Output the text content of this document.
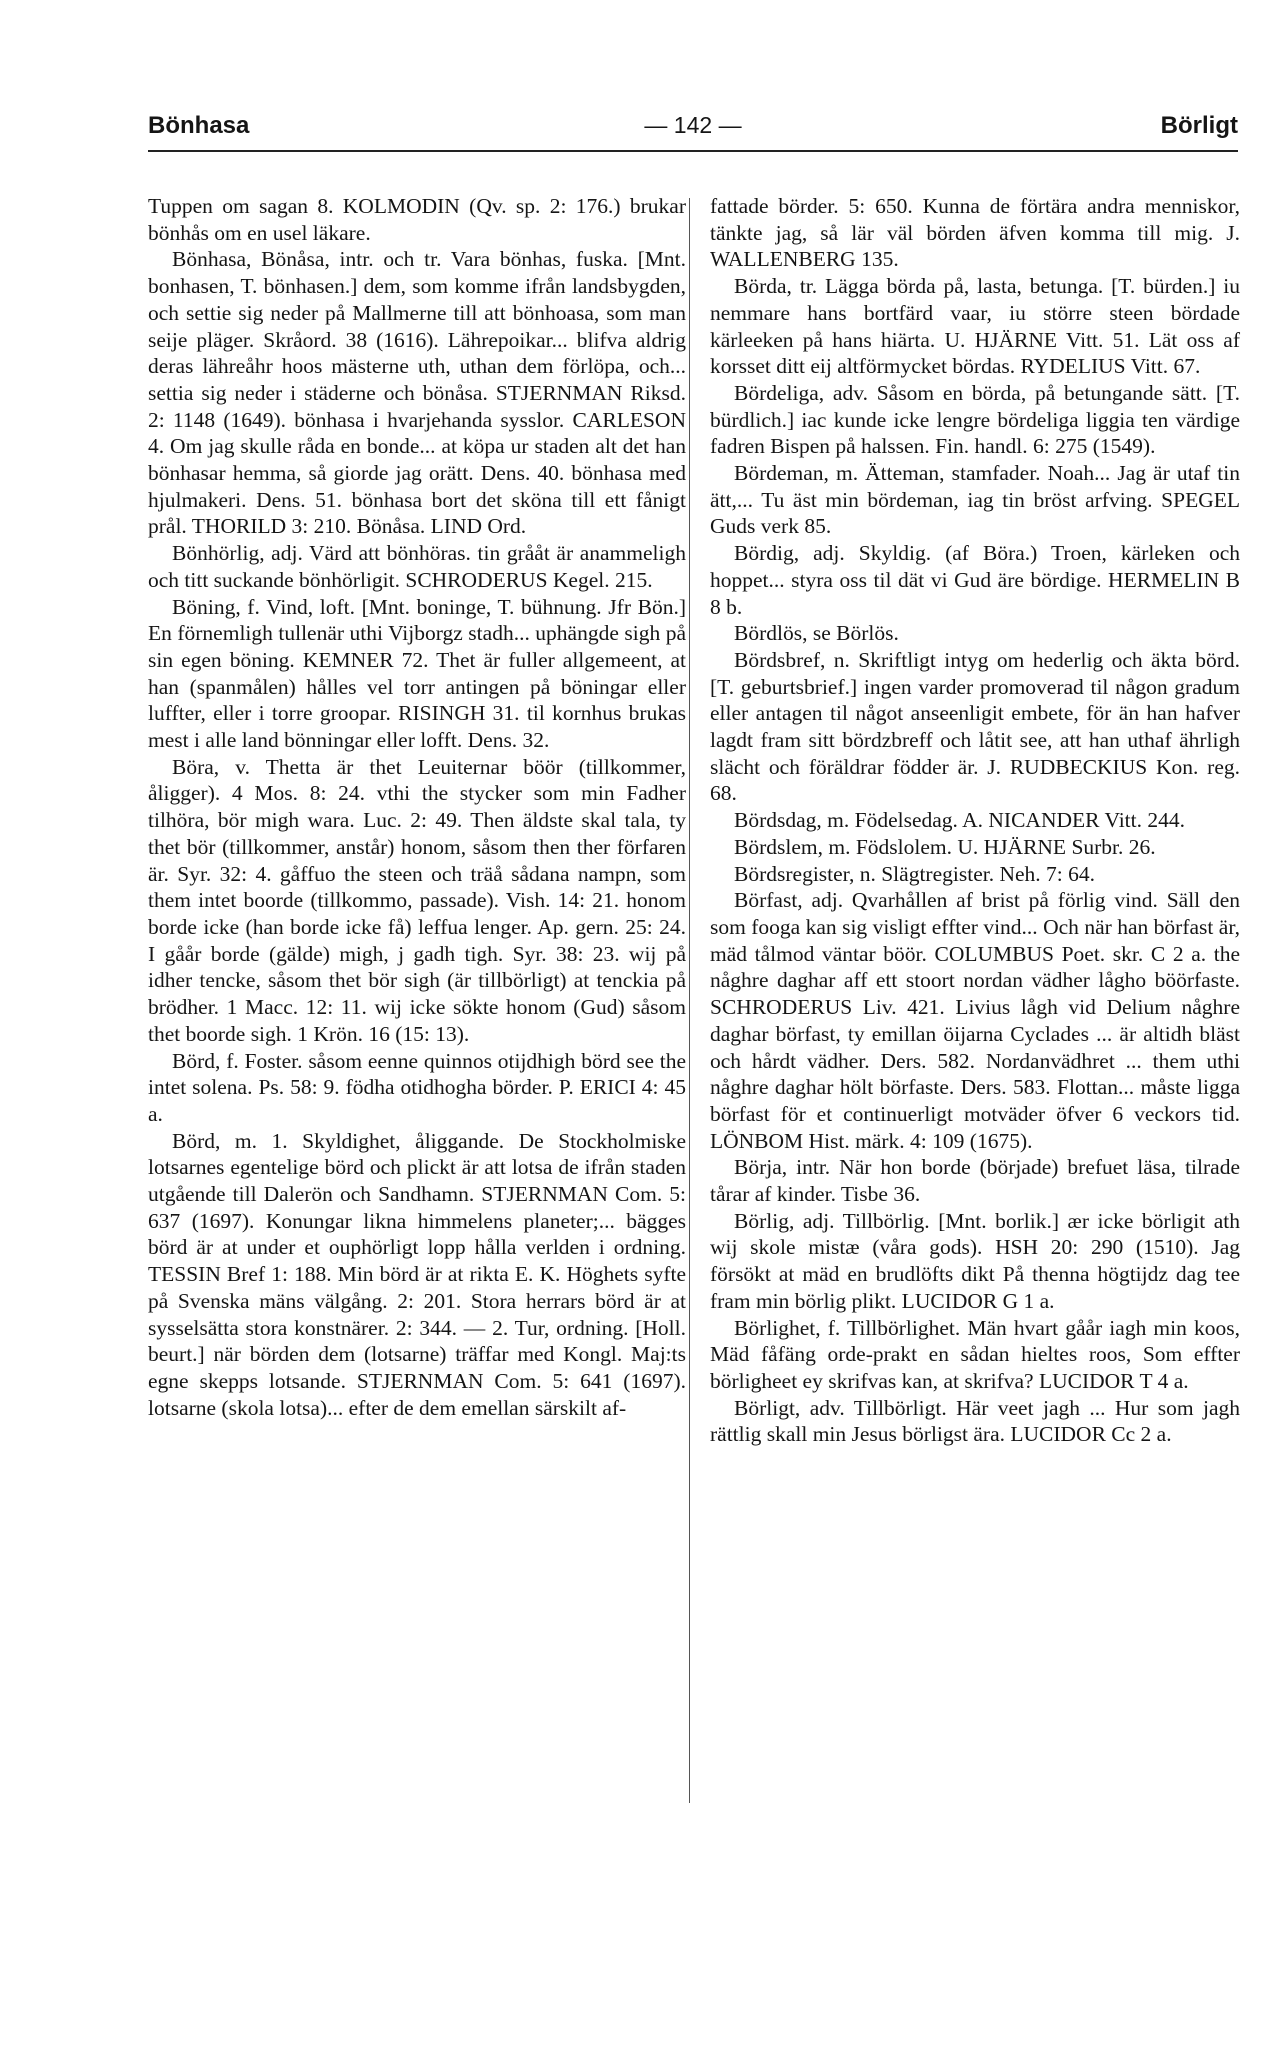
Bönhasa	— 142 —	Börligt

Tuppen om sagan 8. KOLMODIN (Qv. sp. 2: 176.) brukar bönhås om en usel läkare.

Bönhasa, Bönåsa, intr. och tr. Vara bönhas, fuska. [Mnt. bonhasen, T. bönhasen.] dem, som komme ifrån landsbygden, och settie sig neder på Mallmerne till att bönhoasa, som man seije pläger. Skråord. 38 (1616). Lährepoikar... blifva aldrig deras lähreåhr hoos mästerne uth, uthan dem förlöpa, och... settia sig neder i städerne och bönåsa. STJERNMAN Riksd. 2: 1148 (1649). bönhasa i hvarjehanda sysslor. CARLESON 4. Om jag skulle råda en bonde... at köpa ur staden alt det han bönhasar hemma, så giorde jag orätt. Dens. 40. bönhasa med hjulmakeri. Dens. 51. bönhasa bort det sköna till ett fånigt prål. THORILD 3: 210. Bönåsa. LIND Ord.

Bönhörlig, adj. Värd att bönhöras. tin grååt är anammeligh och titt suckande bönhörligit. SCHRODERUS Kegel. 215.

Böning, f. Vind, loft. [Mnt. boninge, T. bühnung. Jfr Bön.] En förnemligh tullenär uthi Vijborgz stadh... uphängde sigh på sin egen böning. KEMNER 72. Thet är fuller allgemeent, at han (spanmålen) hålles vel torr antingen på böningar eller luffter, eller i torre groopar. RISINGH 31. til kornhus brukas mest i alle land bönningar eller lofft. Dens. 32.

Böra, v. Thetta är thet Leuiternar böör (tillkommer, åligger). 4 Mos. 8: 24. vthi the stycker som min Fadher tilhöra, bör migh wara. Luc. 2: 49. Then äldste skal tala, ty thet bör (tillkommer, anstår) honom, såsom then ther förfaren är. Syr. 32: 4. gåffuo the steen och träå sådana nampn, som them intet boorde (tillkommo, passade). Vish. 14: 21. honom borde icke (han borde icke få) leffua lenger. Ap. gern. 25: 24. I gåår borde (gälde) migh, j gadh tigh. Syr. 38: 23. wij på idher tencke, såsom thet bör sigh (är tillbörligt) at tenckia på brödher. 1 Macc. 12: 11. wij icke sökte honom (Gud) såsom thet boorde sigh. 1 Krön. 16 (15: 13).

Börd, f. Foster. såsom eenne quinnos otijdhigh börd see the intet solena. Ps. 58: 9. födha otidhogha börder. P. ERICI 4: 45 a.

Börd, m. 1. Skyldighet, åliggande. De Stockholmiske lotsarnes egentelige börd och plickt är att lotsa de ifrån staden utgående till Dalerön och Sandhamn. STJERNMAN Com. 5: 637 (1697). Konungar likna himmelens planeter;... bägges börd är at under et ouphörligt lopp hålla verlden i ordning. TESSIN Bref 1: 188. Min börd är at rikta E. K. Höghets syfte på Svenska mäns välgång. 2: 201. Stora herrars börd är at sysselsätta stora konstnärer. 2: 344. — 2. Tur, ordning. [Holl. beurt.] när börden dem (lotsarne) träffar med Kongl. Maj:ts egne skepps lotsande. STJERNMAN Com. 5: 641 (1697). lotsarne (skola lotsa)... efter de dem emellan särskilt af-

fattade börder. 5: 650. Kunna de förtära andra menniskor, tänkte jag, så lär väl börden äfven komma till mig. J. WALLENBERG 135.

Börda, tr. Lägga börda på, lasta, betunga. [T. bürden.] iu nemmare hans bortfärd vaar, iu större steen bördade kärleeken på hans hiärta. U. HJÄRNE Vitt. 51. Lät oss af korsset ditt eij altförmycket bördas. RYDELIUS Vitt. 67.

Bördeliga, adv. Såsom en börda, på betungande sätt. [T. bürdlich.] iac kunde icke lengre bördeliga liggia ten värdige fadren Bispen på halssen. Fin. handl. 6: 275 (1549).

Bördeman, m. Ätteman, stamfader. Noah... Jag är utaf tin ätt,... Tu äst min bördeman, iag tin bröst arfving. SPEGEL Guds verk 85.

Bördig, adj. Skyldig. (af Böra.) Troen, kärleken och hoppet... styra oss til dät vi Gud äre bördige. HERMELIN B 8 b.

Bördlös, se Börlös.

Bördsbref, n. Skriftligt intyg om hederlig och äkta börd. [T. geburtsbrief.] ingen varder promoverad til någon gradum eller antagen til något anseenligit embete, för än han hafver lagdt fram sitt bördzbreff och låtit see, att han uthaf ährligh slächt och föräldrar födder är. J. RUDBECKIUS Kon. reg. 68.

Bördsdag, m. Födelsedag. A. NICANDER Vitt. 244.

Bördslem, m. Födslolem. U. HJÄRNE Surbr. 26.

Bördsregister, n. Slägtregister. Neh. 7: 64.

Börfast, adj. Qvarhållen af brist på förlig vind. Säll den som fooga kan sig visligt effter vind... Och när han börfast är, mäd tålmod väntar böör. COLUMBUS Poet. skr. C 2 a. the någhre daghar aff ett stoort nordan vädher lågho böörfaste. SCHRODERUS Liv. 421. Livius lågh vid Delium någhre daghar börfast, ty emillan öijarna Cyclades ... är altidh bläst och hårdt vädher. Ders. 582. Nordanvädhret ... them uthi någhre daghar hölt börfaste. Ders. 583. Flottan... måste ligga börfast för et continuerligt motväder öfver 6 veckors tid. LÖNBOM Hist. märk. 4: 109 (1675).

Börja, intr. När hon borde (började) brefuet läsa, tilrade tårar af kinder. Tisbe 36.

Börlig, adj. Tillbörlig. [Mnt. borlik.] ær icke börligit ath wij skole mistæ (våra gods). HSH 20: 290 (1510). Jag försökt at mäd en brudlöfts dikt På thenna högtijdz dag tee fram min börlig plikt. LUCIDOR G 1 a.

Börlighet, f. Tillbörlighet. Män hvart gåår iagh min koos, Mäd fåfäng orde-prakt en sådan hieltes roos, Som effter börligheet ey skrifvas kan, at skrifva? LUCIDOR T 4 a.

Börligt, adv. Tillbörligt. Här veet jagh ... Hur som jagh rättlig skall min Jesus börligst ära. LUCIDOR Cc 2 a.
